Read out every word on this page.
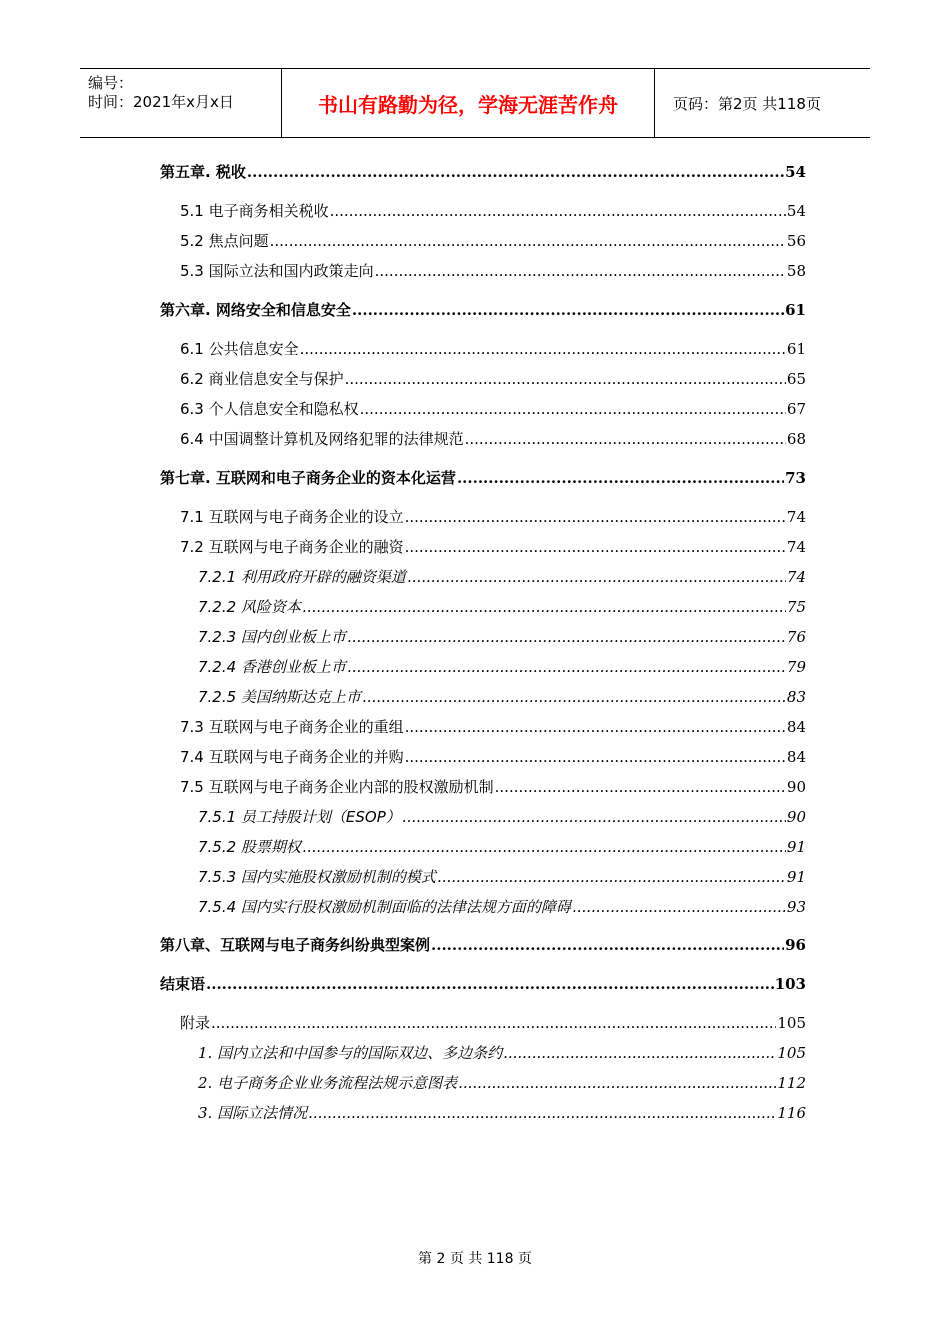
编号：
时间：2021年x月x日	书山有路勤为径，学海无涯苦作舟	页码：第2页 共118页
第五章. 税收 .....	54
5.1 电子商务相关税收 .....	54
5.2 焦点问题 .....	56
5.3 国际立法和国内政策走向 .....	58
第六章. 网络安全和信息安全 .....	61
6.1 公共信息安全 .....	61
6.2 商业信息安全与保护 .....	65
6.3 个人信息安全和隐私权 .....	67
6.4 中国调整计算机及网络犯罪的法律规范 .....	68
第七章. 互联网和电子商务企业的资本化运营 .....	73
7.1 互联网与电子商务企业的设立 .....	74
7.2 互联网与电子商务企业的融资 .....	74
7.2.1 利用政府开辟的融资渠道 .....	74
7.2.2 风险资本 .....	75
7.2.3 国内创业板上市 .....	76
7.2.4 香港创业板上市 .....	79
7.2.5 美国纳斯达克上市 .....	83
7.3 互联网与电子商务企业的重组 .....	84
7.4 互联网与电子商务企业的并购 .....	84
7.5 互联网与电子商务企业内部的股权激励机制 .....	90
7.5.1 员工持股计划（ESOP） .....	90
7.5.2 股票期权 .....	91
7.5.3 国内实施股权激励机制的模式 .....	91
7.5.4 国内实行股权激励机制面临的法律法规方面的障碍 .....	93
第八章、互联网与电子商务纠纷典型案例 .....	96
结束语 .....	103
附录 .....	105
1. 国内立法和中国参与的国际双边、多边条约 .....	105
2. 电子商务企业业务流程法规示意图表 .....	112
3. 国际立法情况 .....	116
第 2 页 共 118 页
